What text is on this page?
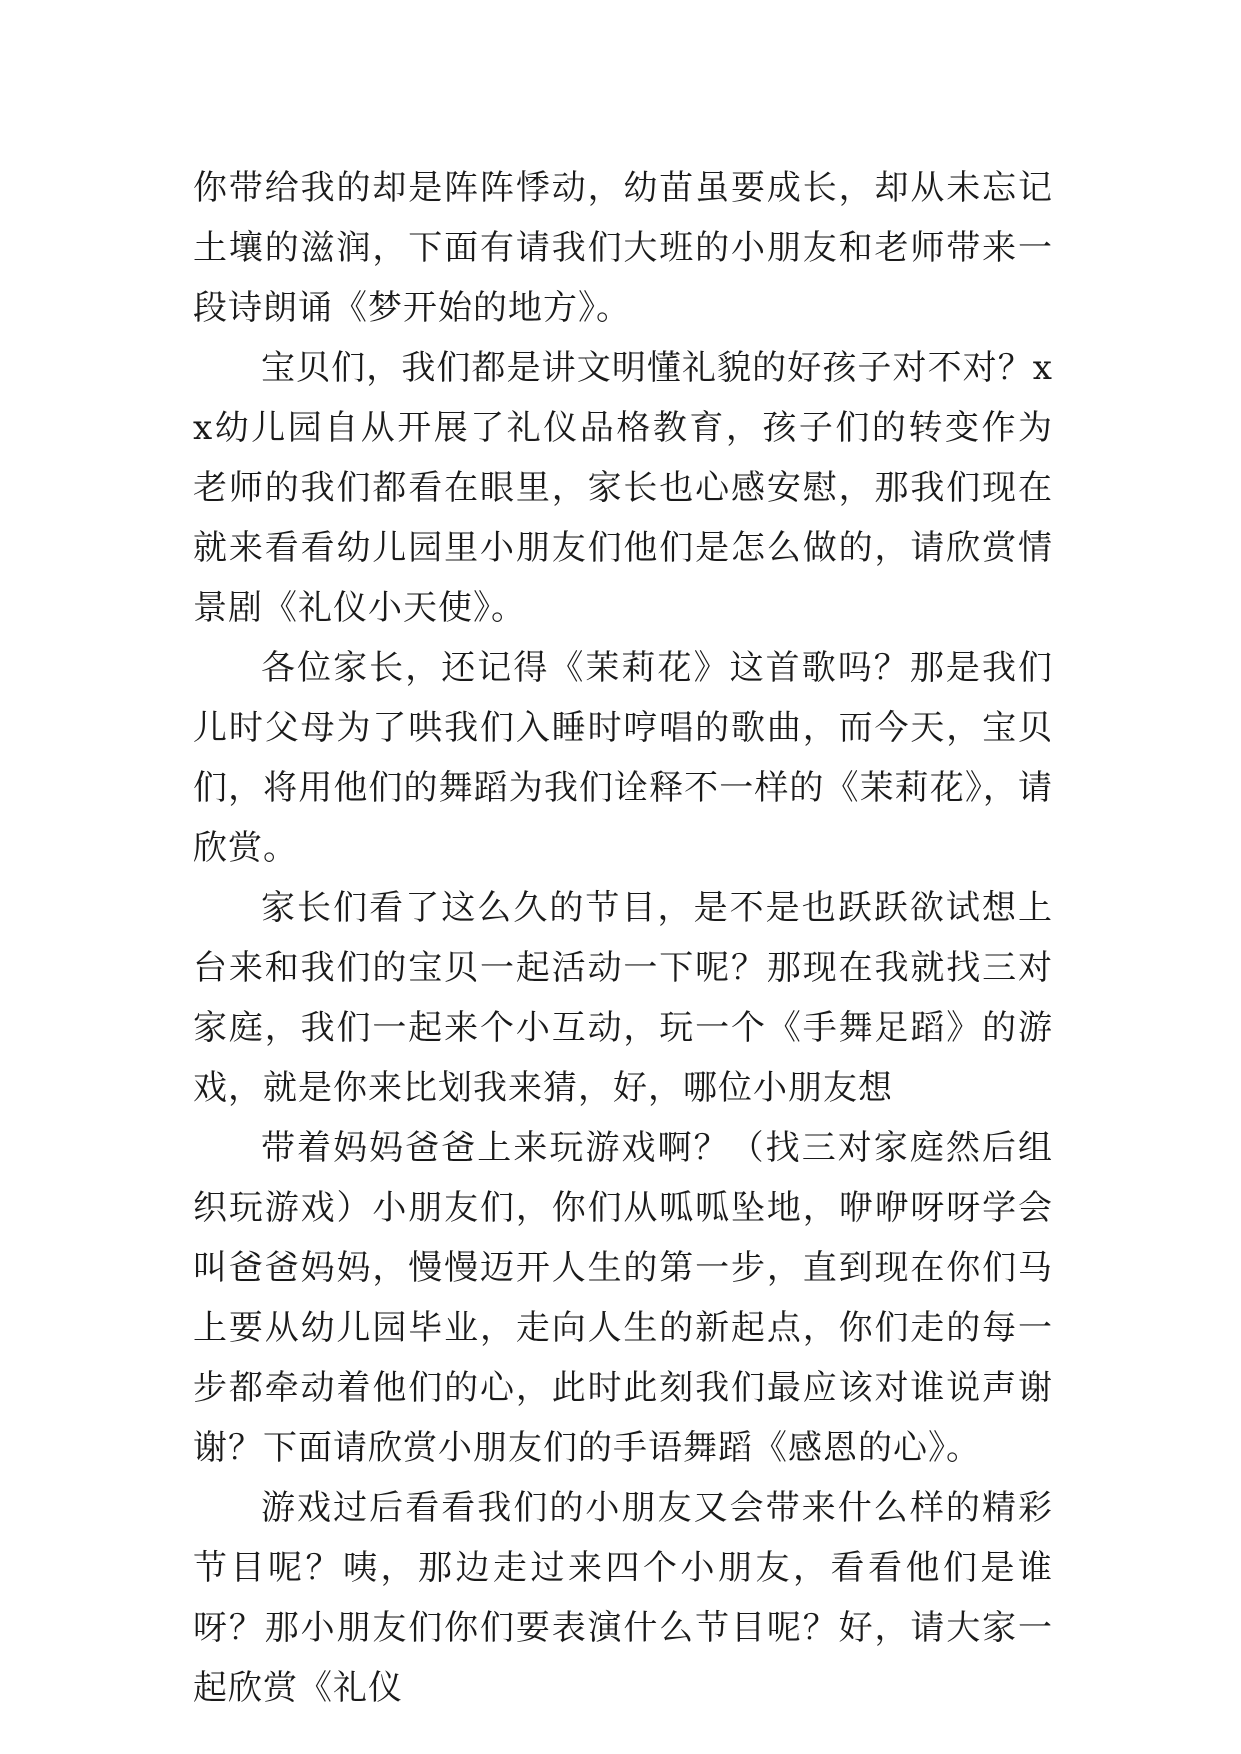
你带给我的却是阵阵悸动，幼苗虽要成长，却从未忘记土壤的滋润，下面有请我们大班的小朋友和老师带来一段诗朗诵《梦开始的地方》。

宝贝们，我们都是讲文明懂礼貌的好孩子对不对？xx幼儿园自从开展了礼仪品格教育，孩子们的转变作为老师的我们都看在眼里，家长也心感安慰，那我们现在就来看看幼儿园里小朋友们他们是怎么做的，请欣赏情景剧《礼仪小天使》。

各位家长，还记得《茉莉花》这首歌吗？那是我们儿时父母为了哄我们入睡时哼唱的歌曲，而今天，宝贝们，将用他们的舞蹈为我们诠释不一样的《茉莉花》，请欣赏。

家长们看了这么久的节目，是不是也跃跃欲试想上台来和我们的宝贝一起活动一下呢？那现在我就找三对家庭，我们一起来个小互动，玩一个《手舞足蹈》的游戏，就是你来比划我来猜，好，哪位小朋友想

带着妈妈爸爸上来玩游戏啊？（找三对家庭然后组织玩游戏）小朋友们，你们从呱呱坠地，咿咿呀呀学会叫爸爸妈妈，慢慢迈开人生的第一步，直到现在你们马上要从幼儿园毕业，走向人生的新起点，你们走的每一步都牵动着他们的心，此时此刻我们最应该对谁说声谢谢？下面请欣赏小朋友们的手语舞蹈《感恩的心》。

游戏过后看看我们的小朋友又会带来什么样的精彩节目呢？咦，那边走过来四个小朋友，看看他们是谁呀？那小朋友们你们要表演什么节目呢？好，请大家一起欣赏《礼仪
